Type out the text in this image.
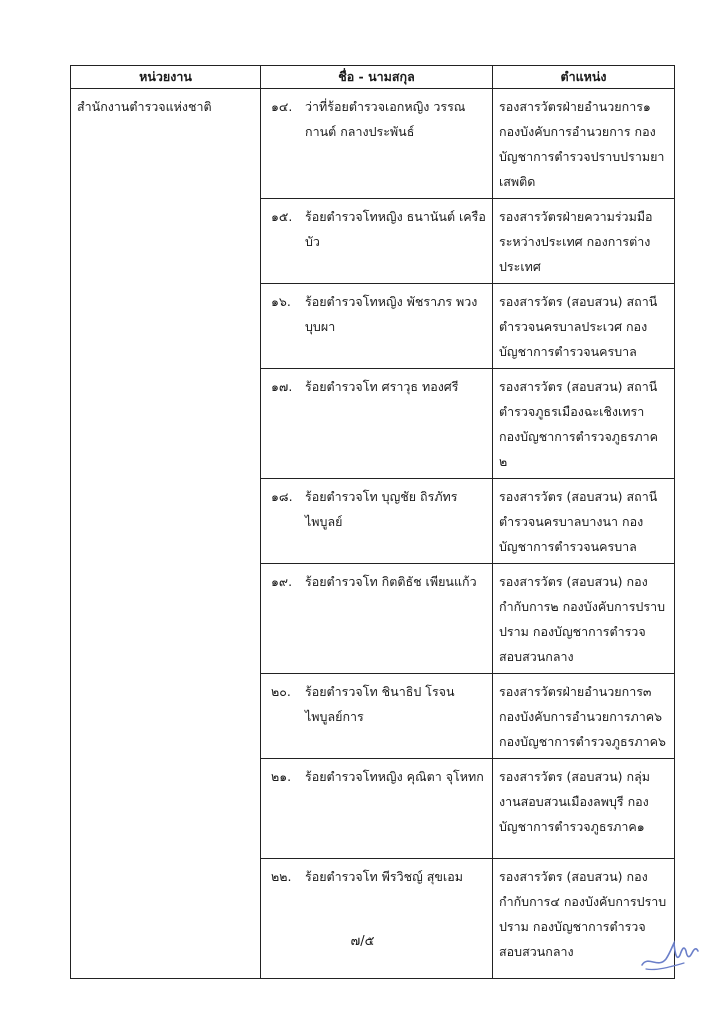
หน่วยงาน	ชื่อ - นามสกุล	ตำแหน่ง

สำนักงานตำรวจแห่งชาติ	๑๔. ว่าที่ร้อยตำรวจเอกหญิง วรรณกานต์ กลางประพันธ์	รองสารวัตรฝ่ายอำนวยการ๑ กองบังคับการอำนวยการ กองบัญชาการตำรวจปราบปรามยาเสพติด

	๑๕. ร้อยตำรวจโทหญิง ธนานันต์ เครือบัว	รองสารวัตรฝ่ายความร่วมมือระหว่างประเทศ กองการต่างประเทศ

	๑๖. ร้อยตำรวจโทหญิง พัชราภร พวงบุบผา	รองสารวัตร (สอบสวน) สถานีตำรวจนครบาลประเวศ กองบัญชาการตำรวจนครบาล

	๑๗. ร้อยตำรวจโท ศราวุธ ทองศรี	รองสารวัตร (สอบสวน) สถานีตำรวจภูธรเมืองฉะเชิงเทรา กองบัญชาการตำรวจภูธรภาค ๒

	๑๘. ร้อยตำรวจโท บุญชัย ถิรภัทรไพบูลย์	รองสารวัตร (สอบสวน) สถานีตำรวจนครบาลบางนา กองบัญชาการตำรวจนครบาล

	๑๙. ร้อยตำรวจโท กิตติธัช เพียนแก้ว	รองสารวัตร (สอบสวน) กองกำกับการ๒ กองบังคับการปราบปราม กองบัญชาการตำรวจสอบสวนกลาง

	๒๐. ร้อยตำรวจโท ชินาธิป โรจนไพบูลย์การ	รองสารวัตรฝ่ายอำนวยการ๓ กองบังคับการอำนวยการภาค๖ กองบัญชาการตำรวจภูธรภาค๖

	๒๑. ร้อยตำรวจโทหญิง คุณิตา จุโหทก	รองสารวัตร (สอบสวน) กลุ่มงานสอบสวนเมืองลพบุรี กองบัญชาการตำรวจภูธรภาค๑

	๒๒. ร้อยตำรวจโท พีรวิชญ์ สุขเอม	รองสารวัตร (สอบสวน) กองกำกับการ๔ กองบังคับการปราบปราม กองบัญชาการตำรวจสอบสวนกลาง
๗/๕
